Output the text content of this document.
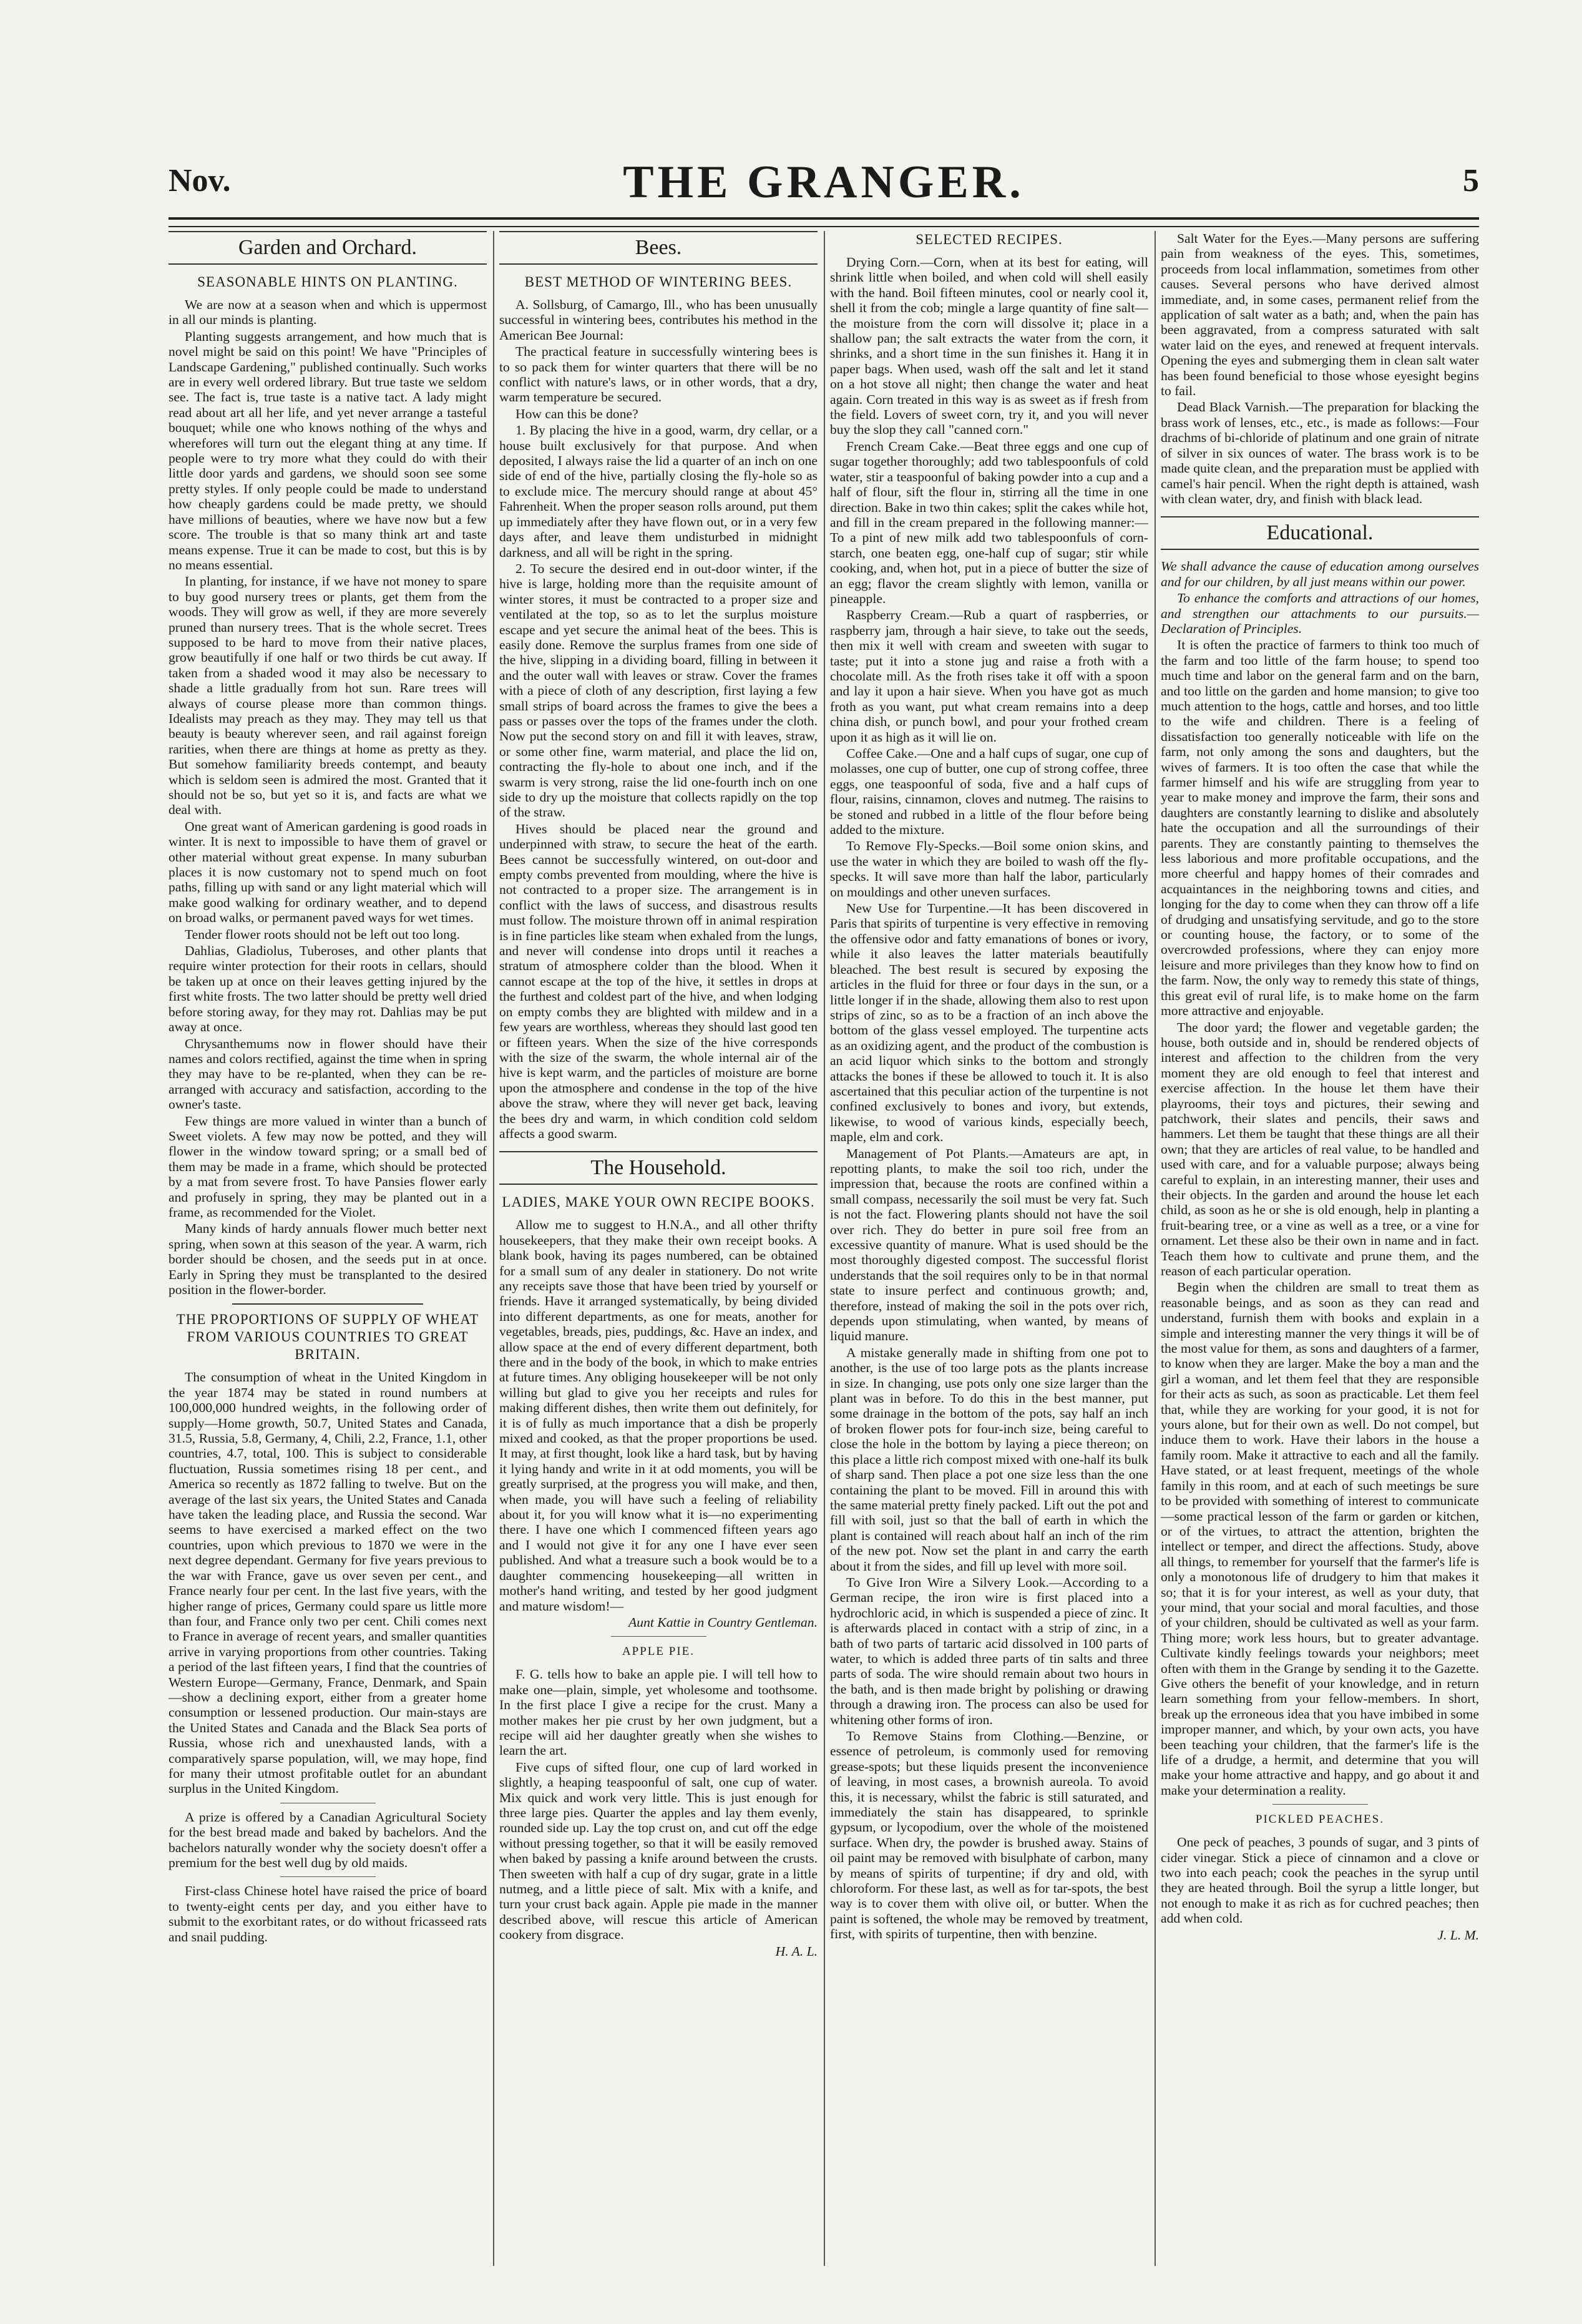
Nov.	THE GRANGER.	5
Garden and Orchard.
SEASONABLE HINTS ON PLANTING.

We are now at a season when and which is uppermost in all our minds is planting.

Planting suggests arrangement, and how much that is novel might be said on this point! We have "Principles of Landscape Gardening," published continually. Such works are in every well ordered library. But true taste we seldom see. The fact is, true taste is a native tact. A lady might read about art all her life, and yet never arrange a tasteful bouquet; while one who knows nothing of the whys and wherefores will turn out the elegant thing at any time. If people were to try more what they could do with their little door yards and gardens, we should soon see some pretty styles. If only people could be made to understand how cheaply gardens could be made pretty, we should have millions of beauties, where we have now but a few score. The trouble is that so many think art and taste means expense. True it can be made to cost, but this is by no means essential.

In planting, for instance, if we have not money to spare to buy good nursery trees or plants, get them from the woods. They will grow as well, if they are more severely pruned than nursery trees. That is the whole secret. Trees supposed to be hard to move from their native places, grow beautifully if one half or two thirds be cut away. If taken from a shaded wood it may also be necessary to shade a little gradually from hot sun. Rare trees will always of course please more than common things. Idealists may preach as they may. They may tell us that beauty is beauty wherever seen, and rail against foreign rarities, when there are things at home as pretty as they. But somehow familiarity breeds contempt, and beauty which is seldom seen is admired the most. Granted that it should not be so, but yet so it is, and facts are what we deal with.

One great want of American gardening is good roads in winter. It is next to impossible to have them of gravel or other material without great expense. In many suburban places it is now customary not to spend much on foot paths, filling up with sand or any light material which will make good walking for ordinary weather, and to depend on broad walks, or permanent paved ways for wet times.

Tender flower roots should not be left out too long.

Dahlias, Gladiolus, Tuberoses, and other plants that require winter protection for their roots in cellars, should be taken up at once on their leaves getting injured by the first white frosts. The two latter should be pretty well dried before storing away, for they may rot. Dahlias may be put away at once.

Chrysanthemums now in flower should have their names and colors rectified, against the time when in spring they may have to be re-planted, when they can be re-arranged with accuracy and satisfaction, according to the owner's taste.

Few things are more valued in winter than a bunch of Sweet violets. A few may now be potted, and they will flower in the window toward spring; or a small bed of them may be made in a frame, which should be protected by a mat from severe frost. To have Pansies flower early and profusely in spring, they may be planted out in a frame, as recommended for the Violet.

Many kinds of hardy annuals flower much better next spring, when sown at this season of the year. A warm, rich border should be chosen, and the seeds put in at once. Early in Spring they must be transplanted to the desired position in the flower-border.

THE PROPORTIONS OF SUPPLY OF WHEAT FROM VARIOUS COUNTRIES TO GREAT BRITAIN.

The consumption of wheat in the United Kingdom in the year 1874 may be stated in round numbers at 100,000,000 hundred weights, in the following order of supply—Home growth, 50.7, United States and Canada, 31.5, Russia, 5.8, Germany, 4, Chili, 2.2, France, 1.1, other countries, 4.7, total, 100. This is subject to considerable fluctuation, Russia sometimes rising 18 per cent., and America so recently as 1872 falling to twelve. But on the average of the last six years, the United States and Canada have taken the leading place, and Russia the second. War seems to have exercised a marked effect on the two countries, upon which previous to 1870 we were in the next degree dependant. Germany for five years previous to the war with France, gave us over seven per cent., and France nearly four per cent. In the last five years, with the higher range of prices, Germany could spare us little more than four, and France only two per cent. Chili comes next to France in average of recent years, and smaller quantities arrive in varying proportions from other countries. Taking a period of the last fifteen years, I find that the countries of Western Europe—Germany, France, Denmark, and Spain—show a declining export, either from a greater home consumption or lessened production. Our main-stays are the United States and Canada and the Black Sea ports of Russia, whose rich and unexhausted lands, with a comparatively sparse population, will, we may hope, find for many their utmost profitable outlet for an abundant surplus in the United Kingdom.

A prize is offered by a Canadian Agricultural Society for the best bread made and baked by bachelors. And the bachelors naturally wonder why the society doesn't offer a premium for the best well dug by old maids.

First-class Chinese hotel have raised the price of board to twenty-eight cents per day, and you either have to submit to the exorbitant rates, or do without fricasseed rats and snail pudding.

Bees.
BEST METHOD OF WINTERING BEES.

A. Sollsburg, of Camargo, Ill., who has been unusually successful in wintering bees, contributes his method in the American Bee Journal:

The practical feature in successfully wintering bees is to so pack them for winter quarters that there will be no conflict with nature's laws, or in other words, that a dry, warm temperature be secured.

How can this be done?

1. By placing the hive in a good, warm, dry cellar, or a house built exclusively for that purpose. And when deposited, I always raise the lid a quarter of an inch on one side of end of the hive, partially closing the fly-hole so as to exclude mice. The mercury should range at about 45° Fahrenheit. When the proper season rolls around, put them up immediately after they have flown out, or in a very few days after, and leave them undisturbed in midnight darkness, and all will be right in the spring.

2. To secure the desired end in out-door winter, if the hive is large, holding more than the requisite amount of winter stores, it must be contracted to a proper size and ventilated at the top, so as to let the surplus moisture escape and yet secure the animal heat of the bees. This is easily done. Remove the surplus frames from one side of the hive, slipping in a dividing board, filling in between it and the outer wall with leaves or straw. Cover the frames with a piece of cloth of any description, first laying a few small strips of board across the frames to give the bees a pass or passes over the tops of the frames under the cloth. Now put the second story on and fill it with leaves, straw, or some other fine, warm material, and place the lid on, contracting the fly-hole to about one inch, and if the swarm is very strong, raise the lid one-fourth inch on one side to dry up the moisture that collects rapidly on the top of the straw.

Hives should be placed near the ground and underpinned with straw, to secure the heat of the earth. Bees cannot be successfully wintered, on out-door and empty combs prevented from moulding, where the hive is not contracted to a proper size. The arrangement is in conflict with the laws of success, and disastrous results must follow. The moisture thrown off in animal respiration is in fine particles like steam when exhaled from the lungs, and never will condense into drops until it reaches a stratum of atmosphere colder than the blood. When it cannot escape at the top of the hive, it settles in drops at the furthest and coldest part of the hive, and when lodging on empty combs they are blighted with mildew and in a few years are worthless, whereas they should last good ten or fifteen years. When the size of the hive corresponds with the size of the swarm, the whole internal air of the hive is kept warm, and the particles of moisture are borne upon the atmosphere and condense in the top of the hive above the straw, where they will never get back, leaving the bees dry and warm, in which condition cold seldom affects a good swarm.

The Household.
LADIES, MAKE YOUR OWN RECIPE BOOKS.

Allow me to suggest to H.N.A., and all other thrifty housekeepers, that they make their own receipt books. A blank book, having its pages numbered, can be obtained for a small sum of any dealer in stationery. Do not write any receipts save those that have been tried by yourself or friends. Have it arranged systematically, by being divided into different departments, as one for meats, another for vegetables, breads, pies, puddings, &c. Have an index, and allow space at the end of every different department, both there and in the body of the book, in which to make entries at future times. Any obliging housekeeper will be not only willing but glad to give you her receipts and rules for making different dishes, then write them out definitely, for it is of fully as much importance that a dish be properly mixed and cooked, as that the proper proportions be used. It may, at first thought, look like a hard task, but by having it lying handy and write in it at odd moments, you will be greatly surprised, at the progress you will make, and then, when made, you will have such a feeling of reliability about it, for you will know what it is—no experimenting there. I have one which I commenced fifteen years ago and I would not give it for any one I have ever seen published. And what a treasure such a book would be to a daughter commencing housekeeping—all written in mother's hand writing, and tested by her good judgment and mature wisdom!—

Aunt Kattie in Country Gentleman.
APPLE PIE.

F. G. tells how to bake an apple pie. I will tell how to make one—plain, simple, yet wholesome and toothsome. In the first place I give a recipe for the crust. Many a mother makes her pie crust by her own judgment, but a recipe will aid her daughter greatly when she wishes to learn the art.

Five cups of sifted flour, one cup of lard worked in slightly, a heaping teaspoonful of salt, one cup of water. Mix quick and work very little. This is just enough for three large pies. Quarter the apples and lay them evenly, rounded side up. Lay the top crust on, and cut off the edge without pressing together, so that it will be easily removed when baked by passing a knife around between the crusts. Then sweeten with half a cup of dry sugar, grate in a little nutmeg, and a little piece of salt. Mix with a knife, and turn your crust back again. Apple pie made in the manner described above, will rescue this article of American cookery from disgrace.

H. A. L.
SELECTED RECIPES.

Drying Corn.—Corn, when at its best for eating, will shrink little when boiled, and when cold will shell easily with the hand. Boil fifteen minutes, cool or nearly cool it, shell it from the cob; mingle a large quantity of fine salt—the moisture from the corn will dissolve it; place in a shallow pan; the salt extracts the water from the corn, it shrinks, and a short time in the sun finishes it. Hang it in paper bags. When used, wash off the salt and let it stand on a hot stove all night; then change the water and heat again. Corn treated in this way is as sweet as if fresh from the field. Lovers of sweet corn, try it, and you will never buy the slop they call "canned corn."

French Cream Cake.—Beat three eggs and one cup of sugar together thoroughly; add two tablespoonfuls of cold water, stir a teaspoonful of baking powder into a cup and a half of flour, sift the flour in, stirring all the time in one direction. Bake in two thin cakes; split the cakes while hot, and fill in the cream prepared in the following manner:—To a pint of new milk add two tablespoonfuls of corn-starch, one beaten egg, one-half cup of sugar; stir while cooking, and, when hot, put in a piece of butter the size of an egg; flavor the cream slightly with lemon, vanilla or pineapple.

Raspberry Cream.—Rub a quart of raspberries, or raspberry jam, through a hair sieve, to take out the seeds, then mix it well with cream and sweeten with sugar to taste; put it into a stone jug and raise a froth with a chocolate mill. As the froth rises take it off with a spoon and lay it upon a hair sieve. When you have got as much froth as you want, put what cream remains into a deep china dish, or punch bowl, and pour your frothed cream upon it as high as it will lie on.

Coffee Cake.—One and a half cups of sugar, one cup of molasses, one cup of butter, one cup of strong coffee, three eggs, one teaspoonful of soda, five and a half cups of flour, raisins, cinnamon, cloves and nutmeg. The raisins to be stoned and rubbed in a little of the flour before being added to the mixture.

To Remove Fly-Specks.—Boil some onion skins, and use the water in which they are boiled to wash off the fly-specks. It will save more than half the labor, particularly on mouldings and other uneven surfaces.

New Use for Turpentine.—It has been discovered in Paris that spirits of turpentine is very effective in removing the offensive odor and fatty emanations of bones or ivory, while it also leaves the latter materials beautifully bleached. The best result is secured by exposing the articles in the fluid for three or four days in the sun, or a little longer if in the shade, allowing them also to rest upon strips of zinc, so as to be a fraction of an inch above the bottom of the glass vessel employed. The turpentine acts as an oxidizing agent, and the product of the combustion is an acid liquor which sinks to the bottom and strongly attacks the bones if these be allowed to touch it. It is also ascertained that this peculiar action of the turpentine is not confined exclusively to bones and ivory, but extends, likewise, to wood of various kinds, especially beech, maple, elm and cork.

Management of Pot Plants.—Amateurs are apt, in repotting plants, to make the soil too rich, under the impression that, because the roots are confined within a small compass, necessarily the soil must be very fat. Such is not the fact. Flowering plants should not have the soil over rich. They do better in pure soil free from an excessive quantity of manure. What is used should be the most thoroughly digested compost. The successful florist understands that the soil requires only to be in that normal state to insure perfect and continuous growth; and, therefore, instead of making the soil in the pots over rich, depends upon stimulating, when wanted, by means of liquid manure.

A mistake generally made in shifting from one pot to another, is the use of too large pots as the plants increase in size. In changing, use pots only one size larger than the plant was in before. To do this in the best manner, put some drainage in the bottom of the pots, say half an inch of broken flower pots for four-inch size, being careful to close the hole in the bottom by laying a piece thereon; on this place a little rich compost mixed with one-half its bulk of sharp sand. Then place a pot one size less than the one containing the plant to be moved. Fill in around this with the same material pretty finely packed. Lift out the pot and fill with soil, just so that the ball of earth in which the plant is contained will reach about half an inch of the rim of the new pot. Now set the plant in and carry the earth about it from the sides, and fill up level with more soil.

To Give Iron Wire a Silvery Look.—According to a German recipe, the iron wire is first placed into a hydrochloric acid, in which is suspended a piece of zinc. It is afterwards placed in contact with a strip of zinc, in a bath of two parts of tartaric acid dissolved in 100 parts of water, to which is added three parts of tin salts and three parts of soda. The wire should remain about two hours in the bath, and is then made bright by polishing or drawing through a drawing iron. The process can also be used for whitening other forms of iron.

To Remove Stains from Clothing.—Benzine, or essence of petroleum, is commonly used for removing grease-spots; but these liquids present the inconvenience of leaving, in most cases, a brownish aureola. To avoid this, it is necessary, whilst the fabric is still saturated, and immediately the stain has disappeared, to sprinkle gypsum, or lycopodium, over the whole of the moistened surface. When dry, the powder is brushed away. Stains of oil paint may be removed with bisulphate of carbon, many by means of spirits of turpentine; if dry and old, with chloroform. For these last, as well as for tar-spots, the best way is to cover them with olive oil, or butter. When the paint is softened, the whole may be removed by treatment, first, with spirits of turpentine, then with benzine.

Salt Water for the Eyes.—Many persons are suffering pain from weakness of the eyes. This, sometimes, proceeds from local inflammation, sometimes from other causes. Several persons who have derived almost immediate, and, in some cases, permanent relief from the application of salt water as a bath; and, when the pain has been aggravated, from a compress saturated with salt water laid on the eyes, and renewed at frequent intervals. Opening the eyes and submerging them in clean salt water has been found beneficial to those whose eyesight begins to fail.

Dead Black Varnish.—The preparation for blacking the brass work of lenses, etc., etc., is made as follows:—Four drachms of bi-chloride of platinum and one grain of nitrate of silver in six ounces of water. The brass work is to be made quite clean, and the preparation must be applied with camel's hair pencil. When the right depth is attained, wash with clean water, dry, and finish with black lead.

Educational.

We shall advance the cause of education among ourselves and for our children, by all just means within our power.

To enhance the comforts and attractions of our homes, and strengthen our attachments to our pursuits.—Declaration of Principles.

It is often the practice of farmers to think too much of the farm and too little of the farm house; to spend too much time and labor on the general farm and on the barn, and too little on the garden and home mansion; to give too much attention to the hogs, cattle and horses, and too little to the wife and children. There is a feeling of dissatisfaction too generally noticeable with life on the farm, not only among the sons and daughters, but the wives of farmers. It is too often the case that while the farmer himself and his wife are struggling from year to year to make money and improve the farm, their sons and daughters are constantly learning to dislike and absolutely hate the occupation and all the surroundings of their parents. They are constantly painting to themselves the less laborious and more profitable occupations, and the more cheerful and happy homes of their comrades and acquaintances in the neighboring towns and cities, and longing for the day to come when they can throw off a life of drudging and unsatisfying servitude, and go to the store or counting house, the factory, or to some of the overcrowded professions, where they can enjoy more leisure and more privileges than they know how to find on the farm. Now, the only way to remedy this state of things, this great evil of rural life, is to make home on the farm more attractive and enjoyable.

The door yard; the flower and vegetable garden; the house, both outside and in, should be rendered objects of interest and affection to the children from the very moment they are old enough to feel that interest and exercise affection. In the house let them have their playrooms, their toys and pictures, their sewing and patchwork, their slates and pencils, their saws and hammers. Let them be taught that these things are all their own; that they are articles of real value, to be handled and used with care, and for a valuable purpose; always being careful to explain, in an interesting manner, their uses and their objects. In the garden and around the house let each child, as soon as he or she is old enough, help in planting a fruit-bearing tree, or a vine as well as a tree, or a vine for ornament. Let these also be their own in name and in fact. Teach them how to cultivate and prune them, and the reason of each particular operation.

Begin when the children are small to treat them as reasonable beings, and as soon as they can read and understand, furnish them with books and explain in a simple and interesting manner the very things it will be of the most value for them, as sons and daughters of a farmer, to know when they are larger. Make the boy a man and the girl a woman, and let them feel that they are responsible for their acts as such, as soon as practicable. Let them feel that, while they are working for your good, it is not for yours alone, but for their own as well. Do not compel, but induce them to work. Have their labors in the house a family room. Make it attractive to each and all the family. Have stated, or at least frequent, meetings of the whole family in this room, and at each of such meetings be sure to be provided with something of interest to communicate—some practical lesson of the farm or garden or kitchen, or of the virtues, to attract the attention, brighten the intellect or temper, and direct the affections. Study, above all things, to remember for yourself that the farmer's life is only a monotonous life of drudgery to him that makes it so; that it is for your interest, as well as your duty, that your mind, that your social and moral faculties, and those of your children, should be cultivated as well as your farm. Thing more; work less hours, but to greater advantage. Cultivate kindly feelings towards your neighbors; meet often with them in the Grange by sending it to the Gazette. Give others the benefit of your knowledge, and in return learn something from your fellow-members. In short, break up the erroneous idea that you have imbibed in some improper manner, and which, by your own acts, you have been teaching your children, that the farmer's life is the life of a drudge, a hermit, and determine that you will make your home attractive and happy, and go about it and make your determination a reality.

PICKLED PEACHES.

One peck of peaches, 3 pounds of sugar, and 3 pints of cider vinegar. Stick a piece of cinnamon and a clove or two into each peach; cook the peaches in the syrup until they are heated through. Boil the syrup a little longer, but not enough to make it as rich as for cuchred peaches; then add when cold.

J. L. M.
